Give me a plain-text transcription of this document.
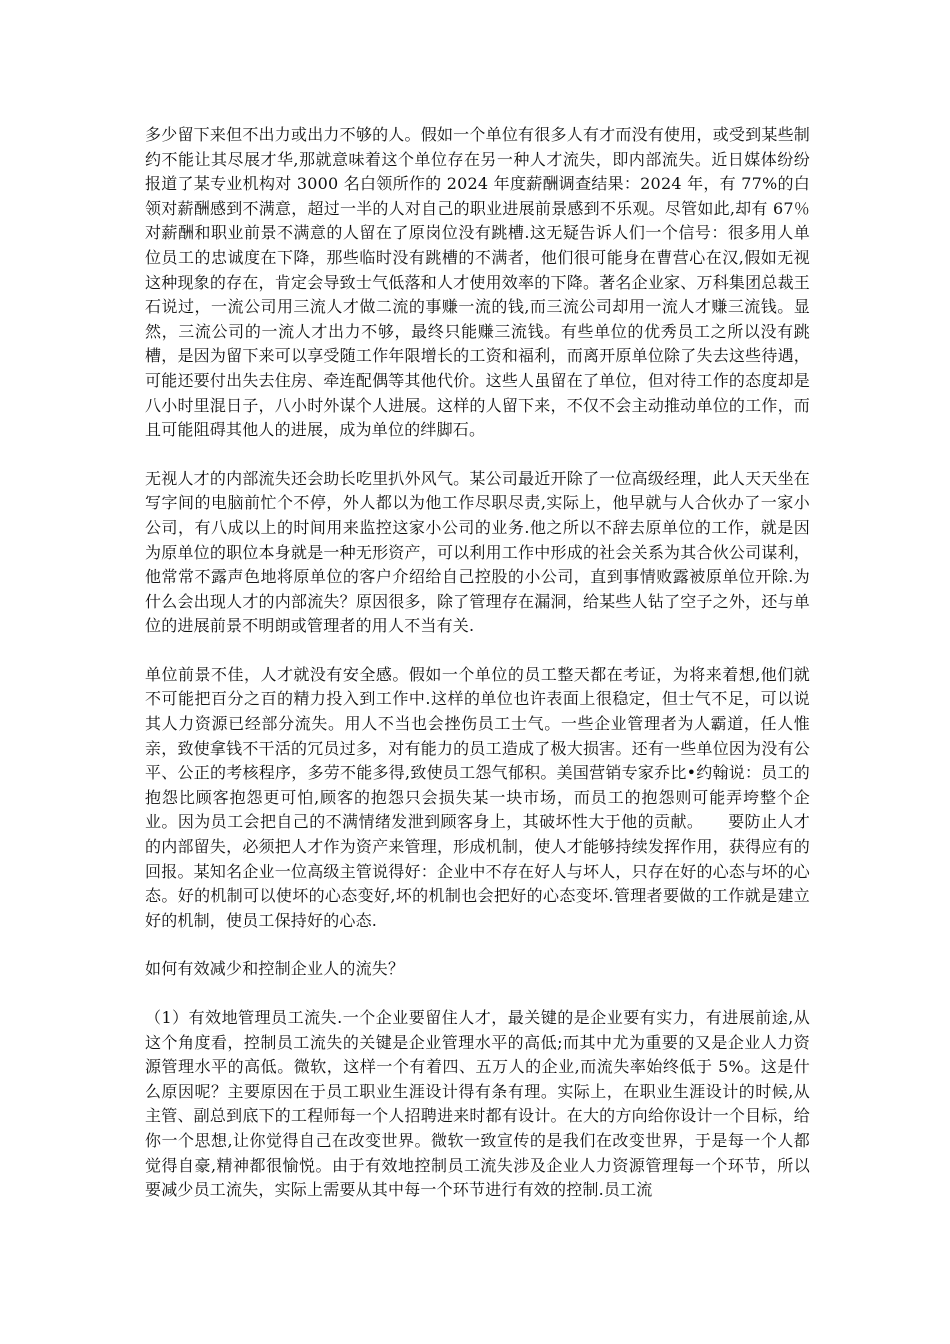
多少留下来但不出力或出力不够的人。假如一个单位有很多人有才而没有使用，或受到某些制约不能让其尽展才华,那就意味着这个单位存在另一种人才流失，即内部流失。近日媒体纷纷报道了某专业机构对 3000 名白领所作的 2024 年度薪酬调查结果：2024 年，有 77%的白领对薪酬感到不满意，超过一半的人对自己的职业进展前景感到不乐观。尽管如此,却有 67％对薪酬和职业前景不满意的人留在了原岗位没有跳槽.这无疑告诉人们一个信号：很多用人单位员工的忠诚度在下降，那些临时没有跳槽的不满者，他们很可能身在曹营心在汉,假如无视这种现象的存在，肯定会导致士气低落和人才使用效率的下降。著名企业家、万科集团总裁王石说过，一流公司用三流人才做二流的事赚一流的钱,而三流公司却用一流人才赚三流钱。显然，三流公司的一流人才出力不够，最终只能赚三流钱。有些单位的优秀员工之所以没有跳槽，是因为留下来可以享受随工作年限增长的工资和福利，而离开原单位除了失去这些待遇，可能还要付出失去住房、牵连配偶等其他代价。这些人虽留在了单位，但对待工作的态度却是八小时里混日子，八小时外谋个人进展。这样的人留下来，不仅不会主动推动单位的工作，而且可能阻碍其他人的进展，成为单位的绊脚石。

无视人才的内部流失还会助长吃里扒外风气。某公司最近开除了一位高级经理，此人天天坐在写字间的电脑前忙个不停，外人都以为他工作尽职尽责,实际上，他早就与人合伙办了一家小公司，有八成以上的时间用来监控这家小公司的业务.他之所以不辞去原单位的工作，就是因为原单位的职位本身就是一种无形资产，可以利用工作中形成的社会关系为其合伙公司谋利，他常常不露声色地将原单位的客户介绍给自己控股的小公司，直到事情败露被原单位开除.为什么会出现人才的内部流失？原因很多，除了管理存在漏洞，给某些人钻了空子之外，还与单位的进展前景不明朗或管理者的用人不当有关.

单位前景不佳，人才就没有安全感。假如一个单位的员工整天都在考证，为将来着想,他们就不可能把百分之百的精力投入到工作中.这样的单位也许表面上很稳定，但士气不足，可以说其人力资源已经部分流失。用人不当也会挫伤员工士气。一些企业管理者为人霸道，任人惟亲，致使拿钱不干活的冗员过多，对有能力的员工造成了极大损害。还有一些单位因为没有公平、公正的考核程序，多劳不能多得,致使员工怨气郁积。美国营销专家乔比•约翰说：员工的抱怨比顾客抱怨更可怕,顾客的抱怨只会损失某一块市场，而员工的抱怨则可能弄垮整个企业。因为员工会把自己的不满情绪发泄到顾客身上，其破坏性大于他的贡献。　　要防止人才的内部留失，必须把人才作为资产来管理，形成机制，使人才能够持续发挥作用，获得应有的回报。某知名企业一位高级主管说得好：企业中不存在好人与坏人，只存在好的心态与坏的心态。好的机制可以使坏的心态变好,坏的机制也会把好的心态变坏.管理者要做的工作就是建立好的机制，使员工保持好的心态.

如何有效减少和控制企业人的流失？

（1）有效地管理员工流失.一个企业要留住人才，最关键的是企业要有实力，有进展前途,从这个角度看，控制员工流失的关键是企业管理水平的高低;而其中尤为重要的又是企业人力资源管理水平的高低。微软，这样一个有着四、五万人的企业,而流失率始终低于 5%。这是什么原因呢？主要原因在于员工职业生涯设计得有条有理。实际上，在职业生涯设计的时候,从主管、副总到底下的工程师每一个人招聘进来时都有设计。在大的方向给你设计一个目标，给你一个思想,让你觉得自己在改变世界。微软一致宣传的是我们在改变世界，于是每一个人都觉得自豪,精神都很愉悦。由于有效地控制员工流失涉及企业人力资源管理每一个环节，所以要减少员工流失，实际上需要从其中每一个环节进行有效的控制.员工流
